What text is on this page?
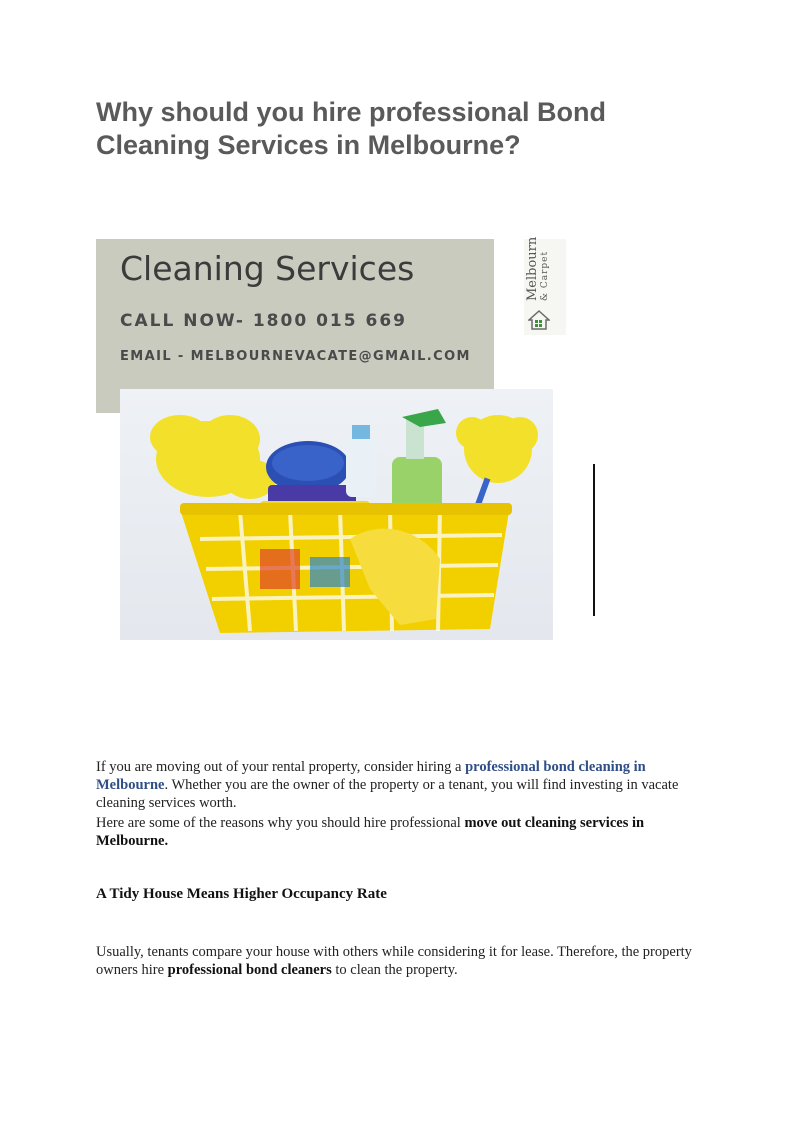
Why should you hire professional Bond Cleaning Services in Melbourne?
Cleaning Services
CALL NOW- 1800 015 669
EMAIL - MELBOURNEVACATE@GMAIL.COM
Melbourn & Carpet

If you are moving out of your rental property, consider hiring a professional bond cleaning in Melbourne. Whether you are the owner of the property or a tenant, you will find investing in vacate cleaning services worth.

Here are some of the reasons why you should hire professional move out cleaning services in Melbourne.

A Tidy House Means Higher Occupancy Rate

Usually, tenants compare your house with others while considering it for lease. Therefore, the property owners hire professional bond cleaners to clean the property.
